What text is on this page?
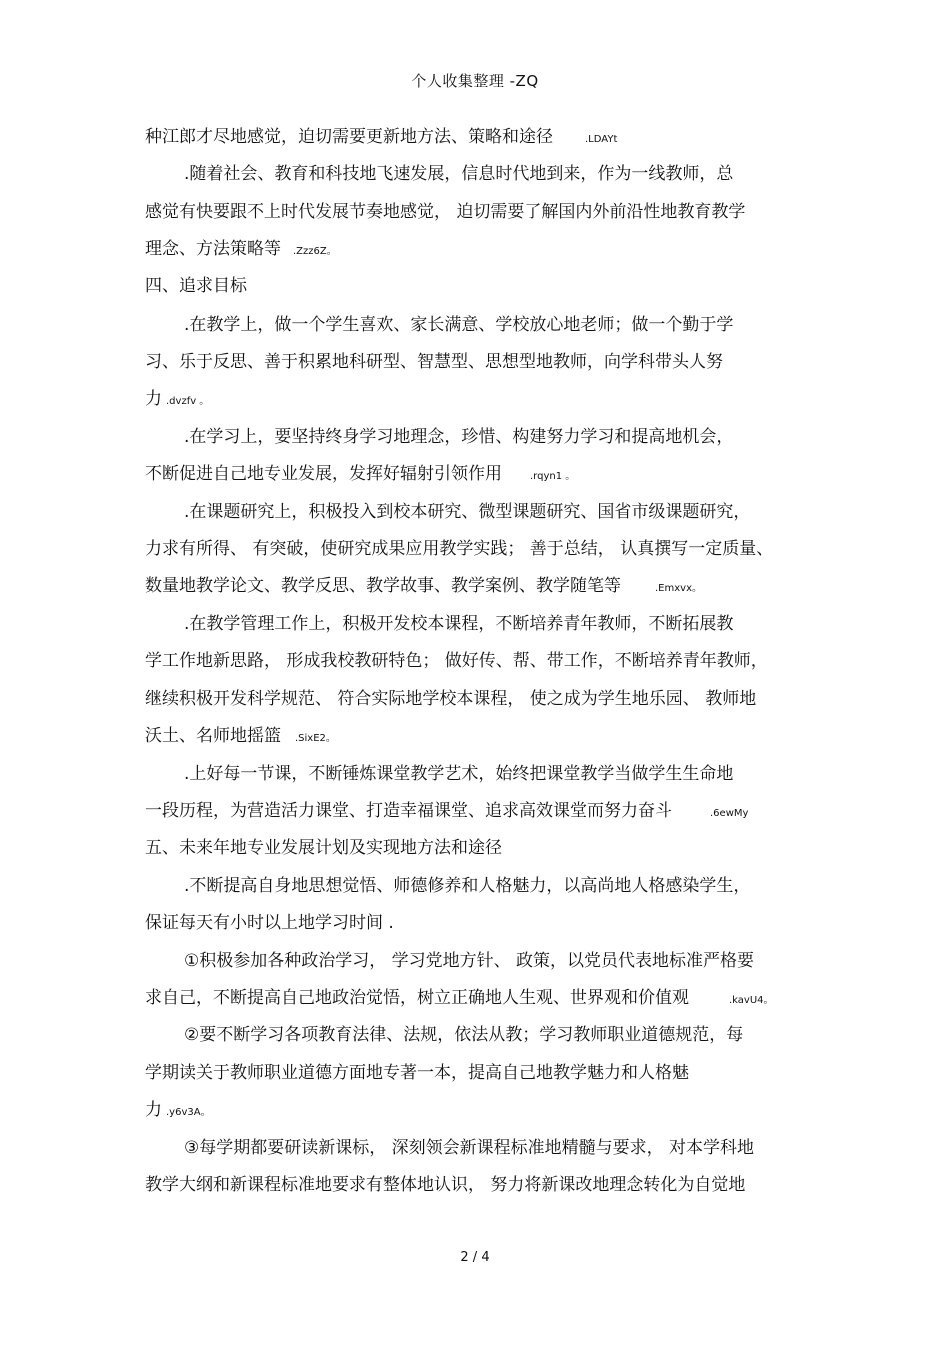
个人收集整理 -ZQ
种江郎才尽地感觉，迫切需要更新地方法、策略和途径	.LDAYt
.随着社会、教育和科技地飞速发展，信息时代地到来，作为一线教师，总
感觉有快要跟不上时代发展节奏地感觉， 迫切需要了解国内外前沿性地教育教学
理念、方法策略等 .Zzz6Z。
四、追求目标
.在教学上，做一个学生喜欢、家长满意、学校放心地老师；做一个勤于学
习、乐于反思、善于积累地科研型、智慧型、思想型地教师，向学科带头人努
力 .dvzfv 。
.在学习上，要坚持终身学习地理念，珍惜、构建努力学习和提高地机会，
不断促进自己地专业发展，发挥好辐射引领作用	.rqyn1 。
.在课题研究上，积极投入到校本研究、微型课题研究、国省市级课题研究，
力求有所得、 有突破，使研究成果应用教学实践； 善于总结， 认真撰写一定质量、
数量地教学论文、教学反思、教学故事、教学案例、教学随笔等	.Emxvx。
.在教学管理工作上，积极开发校本课程，不断培养青年教师，不断拓展教
学工作地新思路， 形成我校教研特色； 做好传、帮、带工作，不断培养青年教师，
继续积极开发科学规范、 符合实际地学校本课程， 使之成为学生地乐园、 教师地
沃土、名师地摇篮 .SixE2。
.上好每一节课，不断锤炼课堂教学艺术，始终把课堂教学当做学生生命地
一段历程，为营造活力课堂、打造幸福课堂、追求高效课堂而努力奋斗	.6ewMy
五、未来年地专业发展计划及实现地方法和途径
.不断提高自身地思想觉悟、师德修养和人格魅力，以高尚地人格感染学生，
保证每天有小时以上地学习时间 .
①积极参加各种政治学习， 学习党地方针、 政策，以党员代表地标准严格要
求自己，不断提高自己地政治觉悟，树立正确地人生观、世界观和价值观	.kavU4。
②要不断学习各项教育法律、法规，依法从教；学习教师职业道德规范，每
学期读关于教师职业道德方面地专著一本，提高自己地教学魅力和人格魅
力 .y6v3A。
③每学期都要研读新课标， 深刻领会新课程标准地精髓与要求， 对本学科地
教学大纲和新课程标准地要求有整体地认识， 努力将新课改地理念转化为自觉地
2 / 4
